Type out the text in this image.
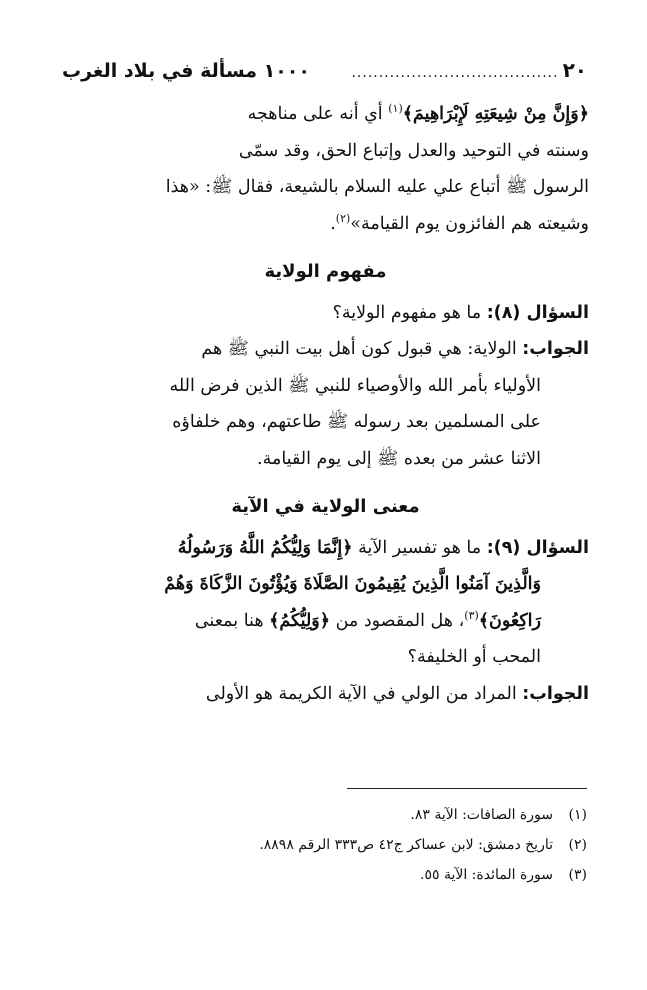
٢٠
......................................
١٠٠٠ مسألة في بلاد الغرب
﴿وَإِنَّ مِنْ شِيعَتِهِ لَإِبْرَاهِيمَ﴾$^{(١)}$ أي أنه على مناهجه
وسنته في التوحيد والعدل وإتباع الحق، وقد سمّى
الرسول ﷺ أتباع علي عليه السلام بالشيعة، فقال ﷺ: «هذا
وشيعته هم الفائزون يوم القيامة»$^{(٢)}$.
مفهوم الولاية
السؤال (٨): ما هو مفهوم الولاية؟
الجواب: الولاية: هي قبول كون أهل بيت النبي ﷺ هم
الأولياء بأمر الله والأوصياء للنبي ﷺ الذين فرض الله
على المسلمين بعد رسوله ﷺ طاعتهم، وهم خلفاؤه
الاثنا عشر من بعده ﷺ إلى يوم القيامة.
معنى الولاية في الآية
السؤال (٩): ما هو تفسير الآية ﴿إِنَّمَا وَلِيُّكُمُ اللَّهُ وَرَسُولُهُ
وَالَّذِينَ آمَنُوا الَّذِينَ يُقِيمُونَ الصَّلَاةَ وَيُؤْتُونَ الزَّكَاةَ وَهُمْ
رَاكِعُونَ﴾$^{(٣)}$، هل المقصود من ﴿وَلِيُّكُمُ﴾ هنا بمعنى
المحب أو الخليفة؟
الجواب: المراد من الولي في الآية الكريمة هو الأولى
(١)سورة الصافات: الآية ٨٣.
(٢)تاريخ دمشق: لابن عساكر ج٤٢ ص٣٣٣ الرقم ٨٨٩٨.
(٣)سورة المائدة: الآية ٥٥.
